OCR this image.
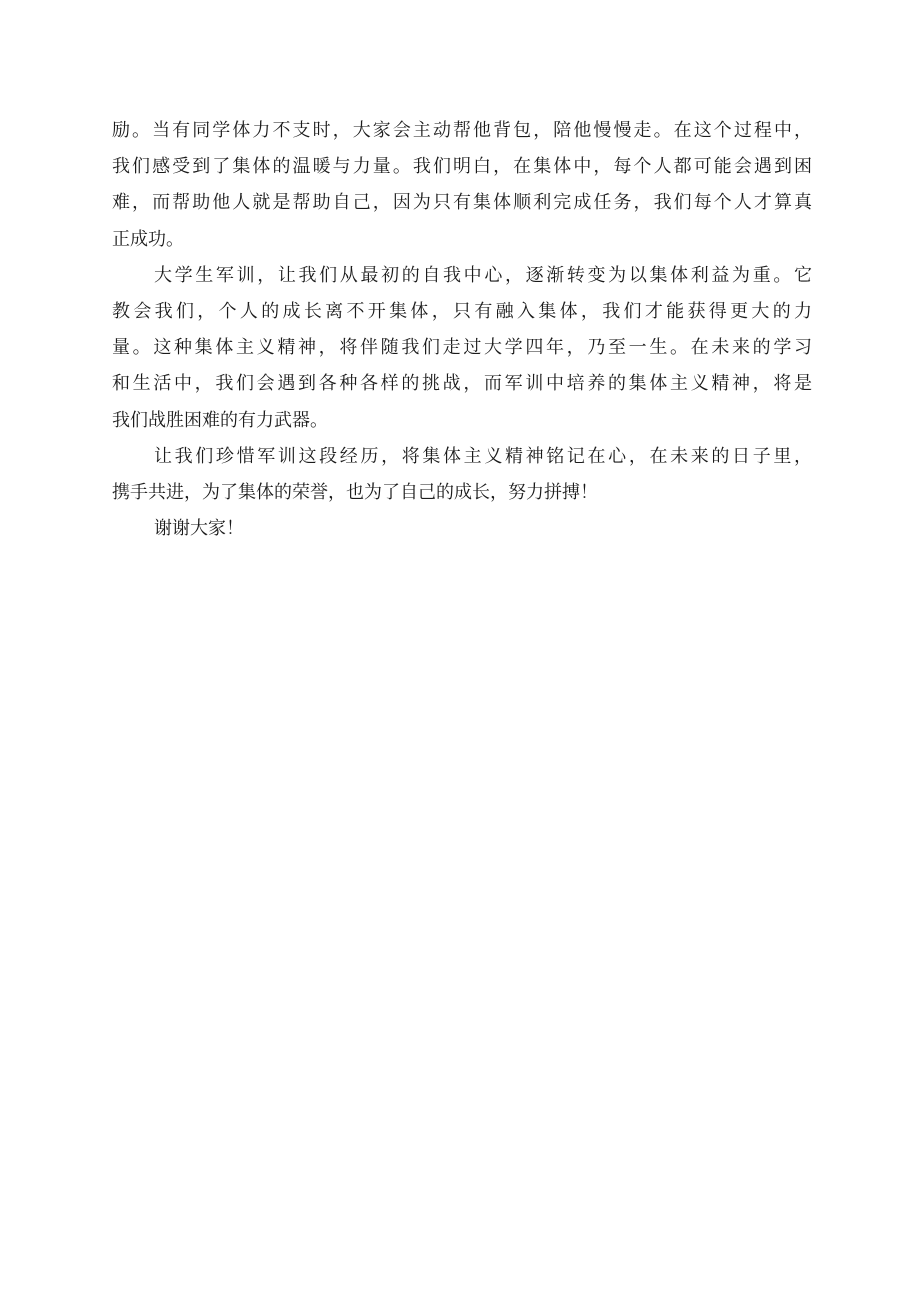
励。当有同学体力不支时，大家会主动帮他背包，陪他慢慢走。在这个过程中，
我们感受到了集体的温暖与力量。我们明白，在集体中，每个人都可能会遇到困
难，而帮助他人就是帮助自己，因为只有集体顺利完成任务，我们每个人才算真
正成功。
大学生军训，让我们从最初的自我中心，逐渐转变为以集体利益为重。它
教会我们，个人的成长离不开集体，只有融入集体，我们才能获得更大的力
量。这种集体主义精神，将伴随我们走过大学四年，乃至一生。在未来的学习
和生活中，我们会遇到各种各样的挑战，而军训中培养的集体主义精神，将是
我们战胜困难的有力武器。
让我们珍惜军训这段经历，将集体主义精神铭记在心，在未来的日子里，
携手共进，为了集体的荣誉，也为了自己的成长，努力拼搏！
谢谢大家！
